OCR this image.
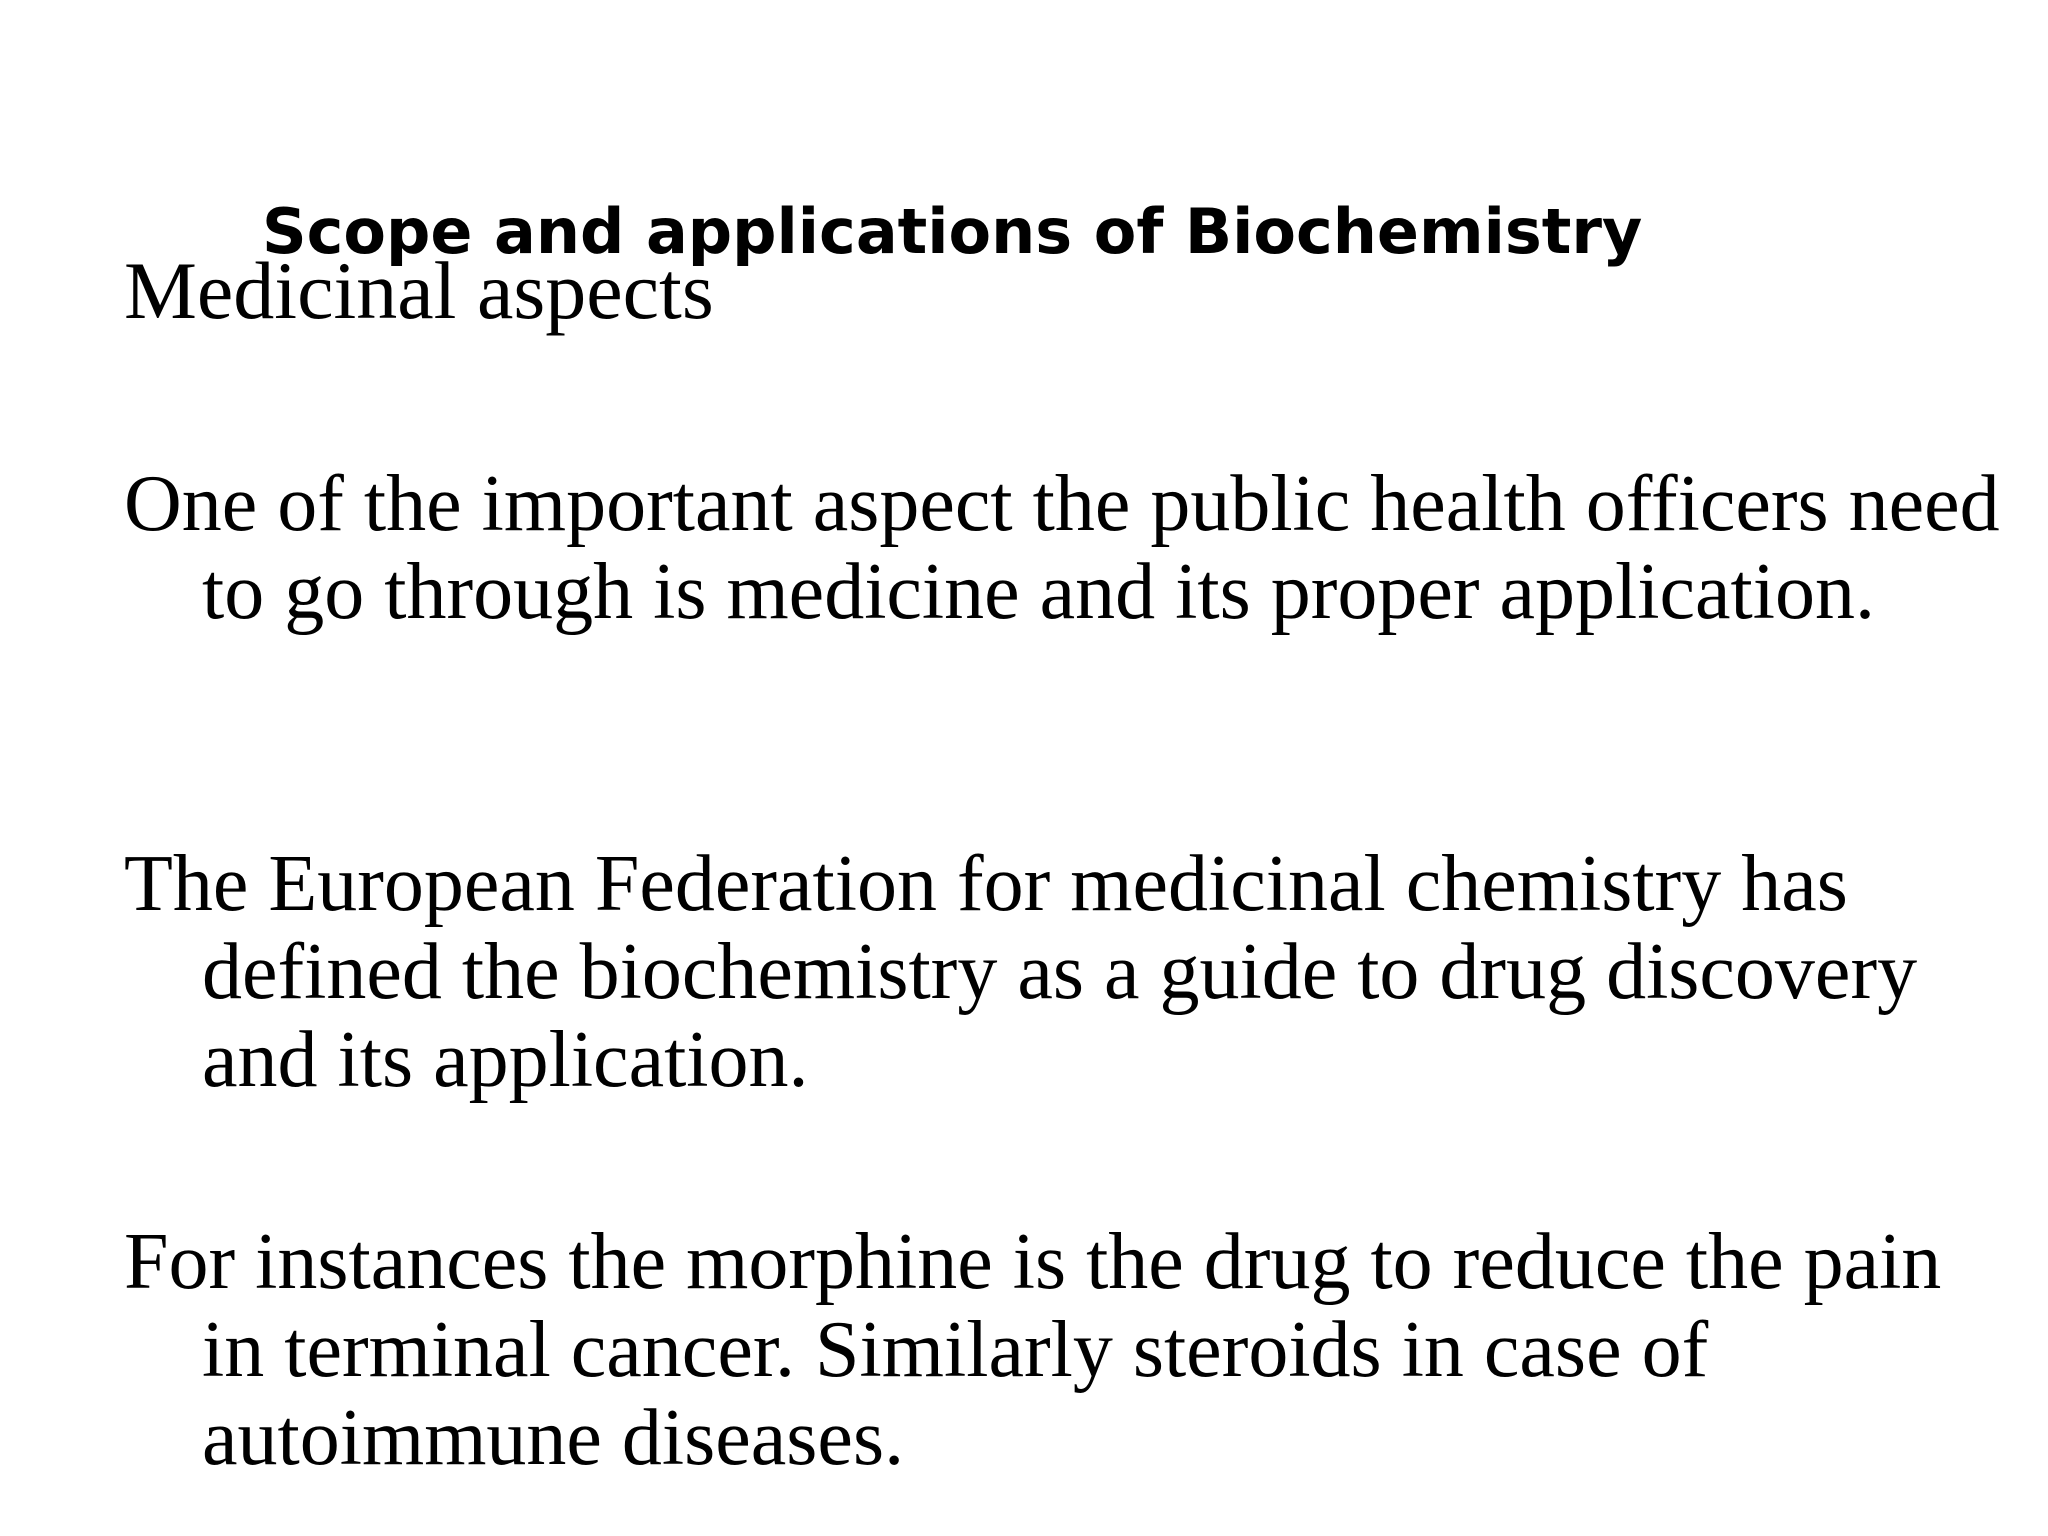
Scope and applications of Biochemistry
Medicinal aspects

One of the important aspect the public health officers need to go through is medicine and its proper application.

The European Federation for medicinal chemistry has defined the biochemistry as a guide to drug discovery and its application.

For instances the morphine is the drug to reduce the pain in terminal cancer. Similarly steroids in case of autoimmune diseases.
